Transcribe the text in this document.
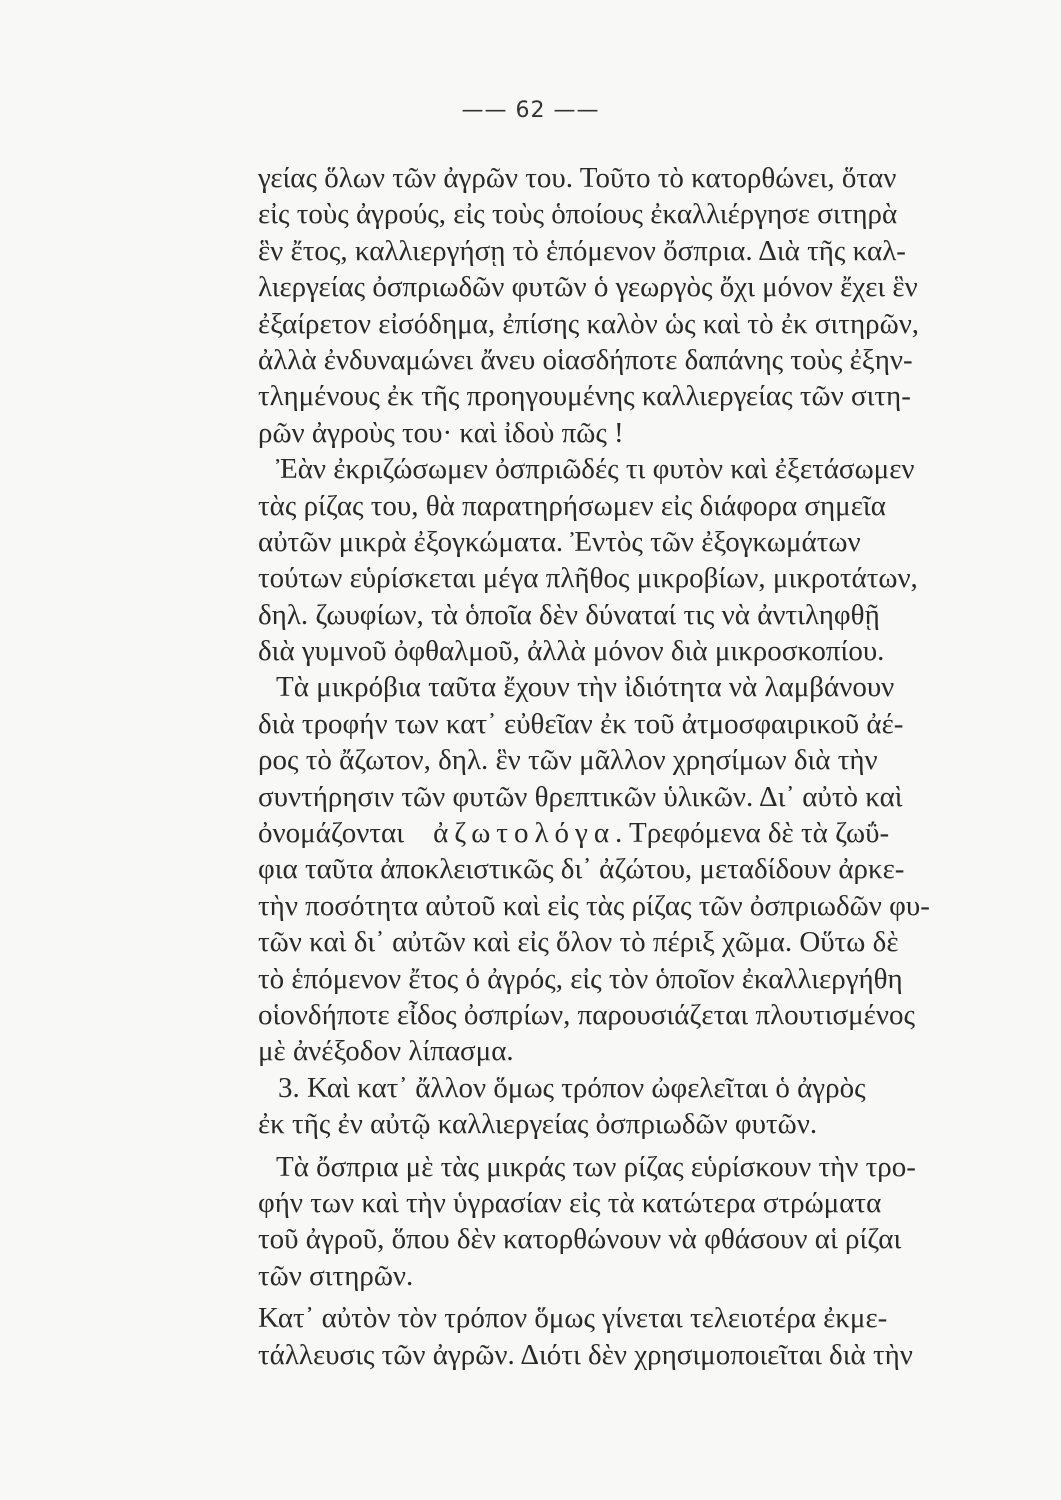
—— 62 ——
γείας ὅλων τῶν ἀγρῶν του. Τοῦτο τὸ κατορθώνει, ὅταν
εἰς τοὺς ἀγρούς, εἰς τοὺς ὁποίους ἐκαλλιέργησε σιτηρὰ
ἓν ἔτος, καλλιεργήσῃ τὸ ἑπόμενον ὄσπρια. Διὰ τῆς καλ-
λιεργείας ὀσπριωδῶν φυτῶν ὁ γεωργὸς ὄχι μόνον ἔχει ἓν
ἐξαίρετον εἰσόδημα, ἐπίσης καλὸν ὡς καὶ τὸ ἐκ σιτηρῶν,
ἀλλὰ ἐνδυναμώνει ἄνευ οἱασδήποτε δαπάνης τοὺς ἐξην-
τλημένους ἐκ τῆς προηγουμένης καλλιεργείας τῶν σιτη-
ρῶν ἀγροὺς του· καὶ ἰδοὺ πῶς !
Ἐὰν ἐκριζώσωμεν ὀσπριῶδές τι φυτὸν καὶ ἐξετάσωμεν
τὰς ρίζας του, θὰ παρατηρήσωμεν εἰς διάφορα σημεῖα
αὐτῶν μικρὰ ἐξογκώματα. Ἐντὸς τῶν ἐξογκωμάτων
τούτων εὑρίσκεται μέγα πλῆθος μικροβίων, μικροτάτων,
δηλ. ζωυφίων, τὰ ὁποῖα δὲν δύναταί τις νὰ ἀντιληφθῇ
διὰ γυμνοῦ ὀφθαλμοῦ, ἀλλὰ μόνον διὰ μικροσκοπίου.
Τὰ μικρόβια ταῦτα ἔχουν τὴν ἰδιότητα νὰ λαμβάνουν
διὰ τροφήν των κατ᾽ εὐθεῖαν ἐκ τοῦ ἀτμοσφαιρικοῦ ἀέ-
ρος τὸ ἄζωτον, δηλ. ἓν τῶν μᾶλλον χρησίμων διὰ τὴν
συντήρησιν τῶν φυτῶν θρεπτικῶν ὑλικῶν. Δι᾽ αὐτὸ καὶ
ὀνομάζονται ἀζωτολόγα. Τρεφόμενα δὲ τὰ ζωΰ-
φια ταῦτα ἀποκλειστικῶς δι᾽ ἀζώτου, μεταδίδουν ἀρκε-
τὴν ποσότητα αὐτοῦ καὶ εἰς τὰς ρίζας τῶν ὀσπριωδῶν φυ-
τῶν καὶ δι᾽ αὐτῶν καὶ εἰς ὅλον τὸ πέριξ χῶμα. Οὕτω δὲ
τὸ ἑπόμενον ἔτος ὁ ἀγρός, εἰς τὸν ὁποῖον ἐκαλλιεργήθη
οἱονδήποτε εἶδος ὀσπρίων, παρουσιάζεται πλουτισμένος
μὲ ἀνέξοδον λίπασμα.
3. Καὶ κατ᾽ ἄλλον ὅμως τρόπον ὠφελεῖται ὁ ἀγρὸς
ἐκ τῆς ἐν αὐτῷ καλλιεργείας ὀσπριωδῶν φυτῶν.
Τὰ ὄσπρια μὲ τὰς μικράς των ρίζας εὑρίσκουν τὴν τρο-
φήν των καὶ τὴν ὑγρασίαν εἰς τὰ κατώτερα στρώματα
τοῦ ἀγροῦ, ὅπου δὲν κατορθώνουν νὰ φθάσουν αἱ ρίζαι
τῶν σιτηρῶν.
Κατ᾽ αὐτὸν τὸν τρόπον ὅμως γίνεται τελειοτέρα ἐκμε-
τάλλευσις τῶν ἀγρῶν. Διότι δὲν χρησιμοποιεῖται διὰ τὴν
